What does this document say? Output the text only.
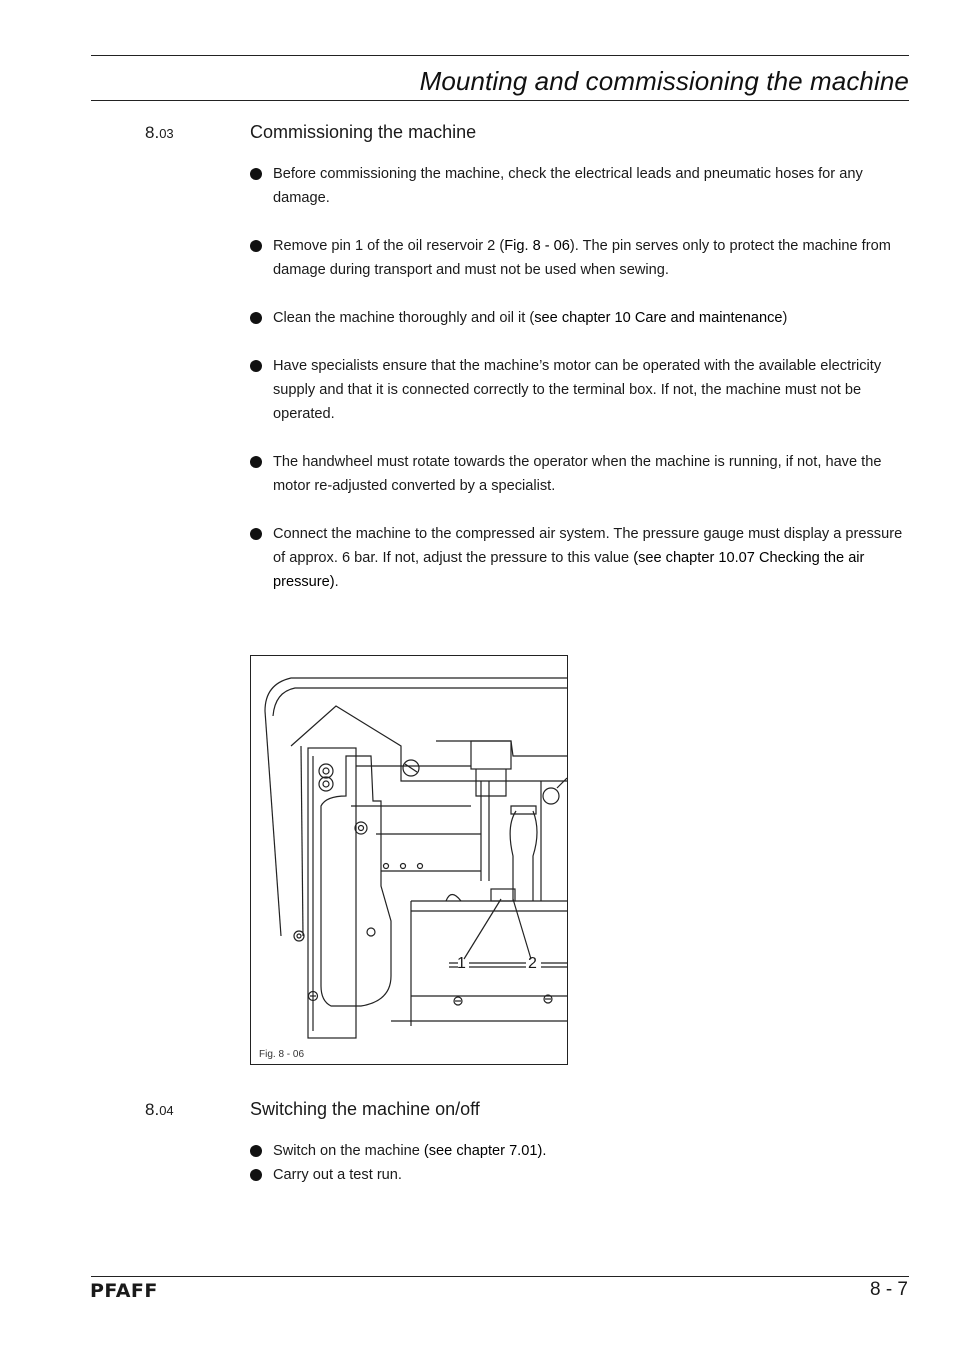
Mounting and commissioning the machine
8.03	Commissioning the machine
Before commissioning the machine, check the electrical leads and pneumatic hoses for any damage.
Remove pin 1 of the oil reservoir 2 (Fig. 8 - 06). The pin serves only to protect the machine from damage during transport and must not be used when sewing.
Clean the machine thoroughly and oil it (see chapter 10 Care and maintenance)
Have specialists ensure that the machine’s motor can be operated with the available electricity supply and that it is connected correctly to the terminal box. If not, the machine must not be operated.
The handwheel must rotate towards the operator when the machine is running, if not, have the motor re-adjusted converted by a specialist.
Connect the machine to the compressed air system. The pressure gauge must display a pressure of approx. 6 bar. If not, adjust the pressure to this value (see chapter 10.07 Checking the air pressure).
1	2
Fig. 8 - 06
8.04	Switching the machine on/off
Switch on the machine (see chapter 7.01).
Carry out a test run.
PFAFF	8 - 7
